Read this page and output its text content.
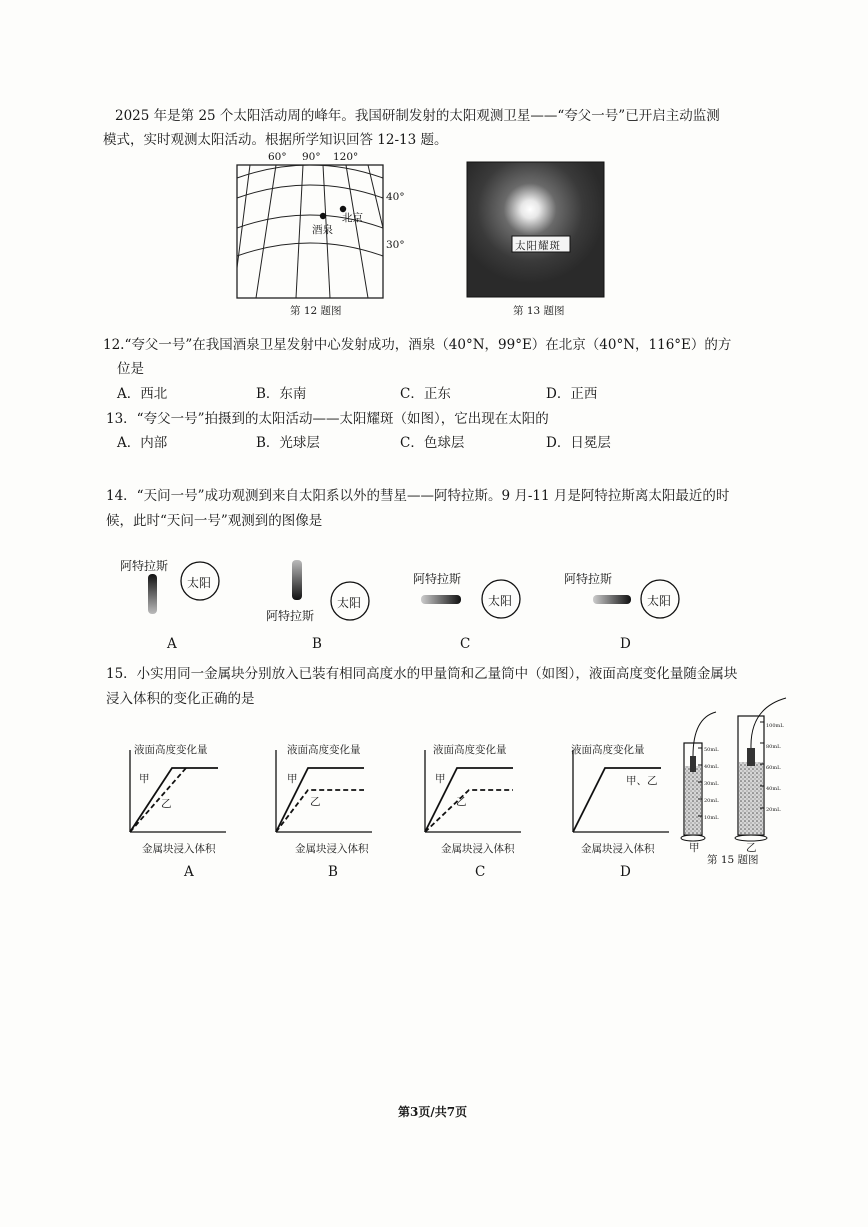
2025 年是第 25 个太阳活动周的峰年。我国研制发射的太阳观测卫星——“夸父一号”已开启主动监测
模式，实时观测太阳活动。根据所学知识回答 12-13 题。
60° 90° 120°
40°
30°
酒泉
北京
第 12 题图
太阳耀斑
第 13 题图
12.“夸父一号”在我国酒泉卫星发射中心发射成功，酒泉（40°N，99°E）在北京（40°N，116°E）的方
位是
A．西北	B．东南	C．正东	D．正西
13．“夸父一号”拍摄到的太阳活动——太阳耀斑（如图），它出现在太阳的
A．内部	B．光球层	C．色球层	D．日冕层
14．“天问一号”成功观测到来自太阳系以外的彗星——阿特拉斯。9 月-11 月是阿特拉斯离太阳最近的时
候，此时“天问一号”观测到的图像是
阿特拉斯
太阳
阿特拉斯
太阳
阿特拉斯
太阳
阿特拉斯
太阳
A	B	C	D
15．小实用同一金属块分别放入已装有相同高度水的甲量筒和乙量筒中（如图），液面高度变化量随金属块
浸入体积的变化正确的是
液面高度变化量
甲
乙
金属块浸入体积
A
液面高度变化量
甲
乙
金属块浸入体积
B
液面高度变化量
甲
乙
金属块浸入体积
C
液面高度变化量
甲、乙
金属块浸入体积
D
50mL
40mL
30mL
20mL
10mL
100mL
80mL
60mL
40mL
20mL
甲	乙
第 15 题图
第3页/共7页
